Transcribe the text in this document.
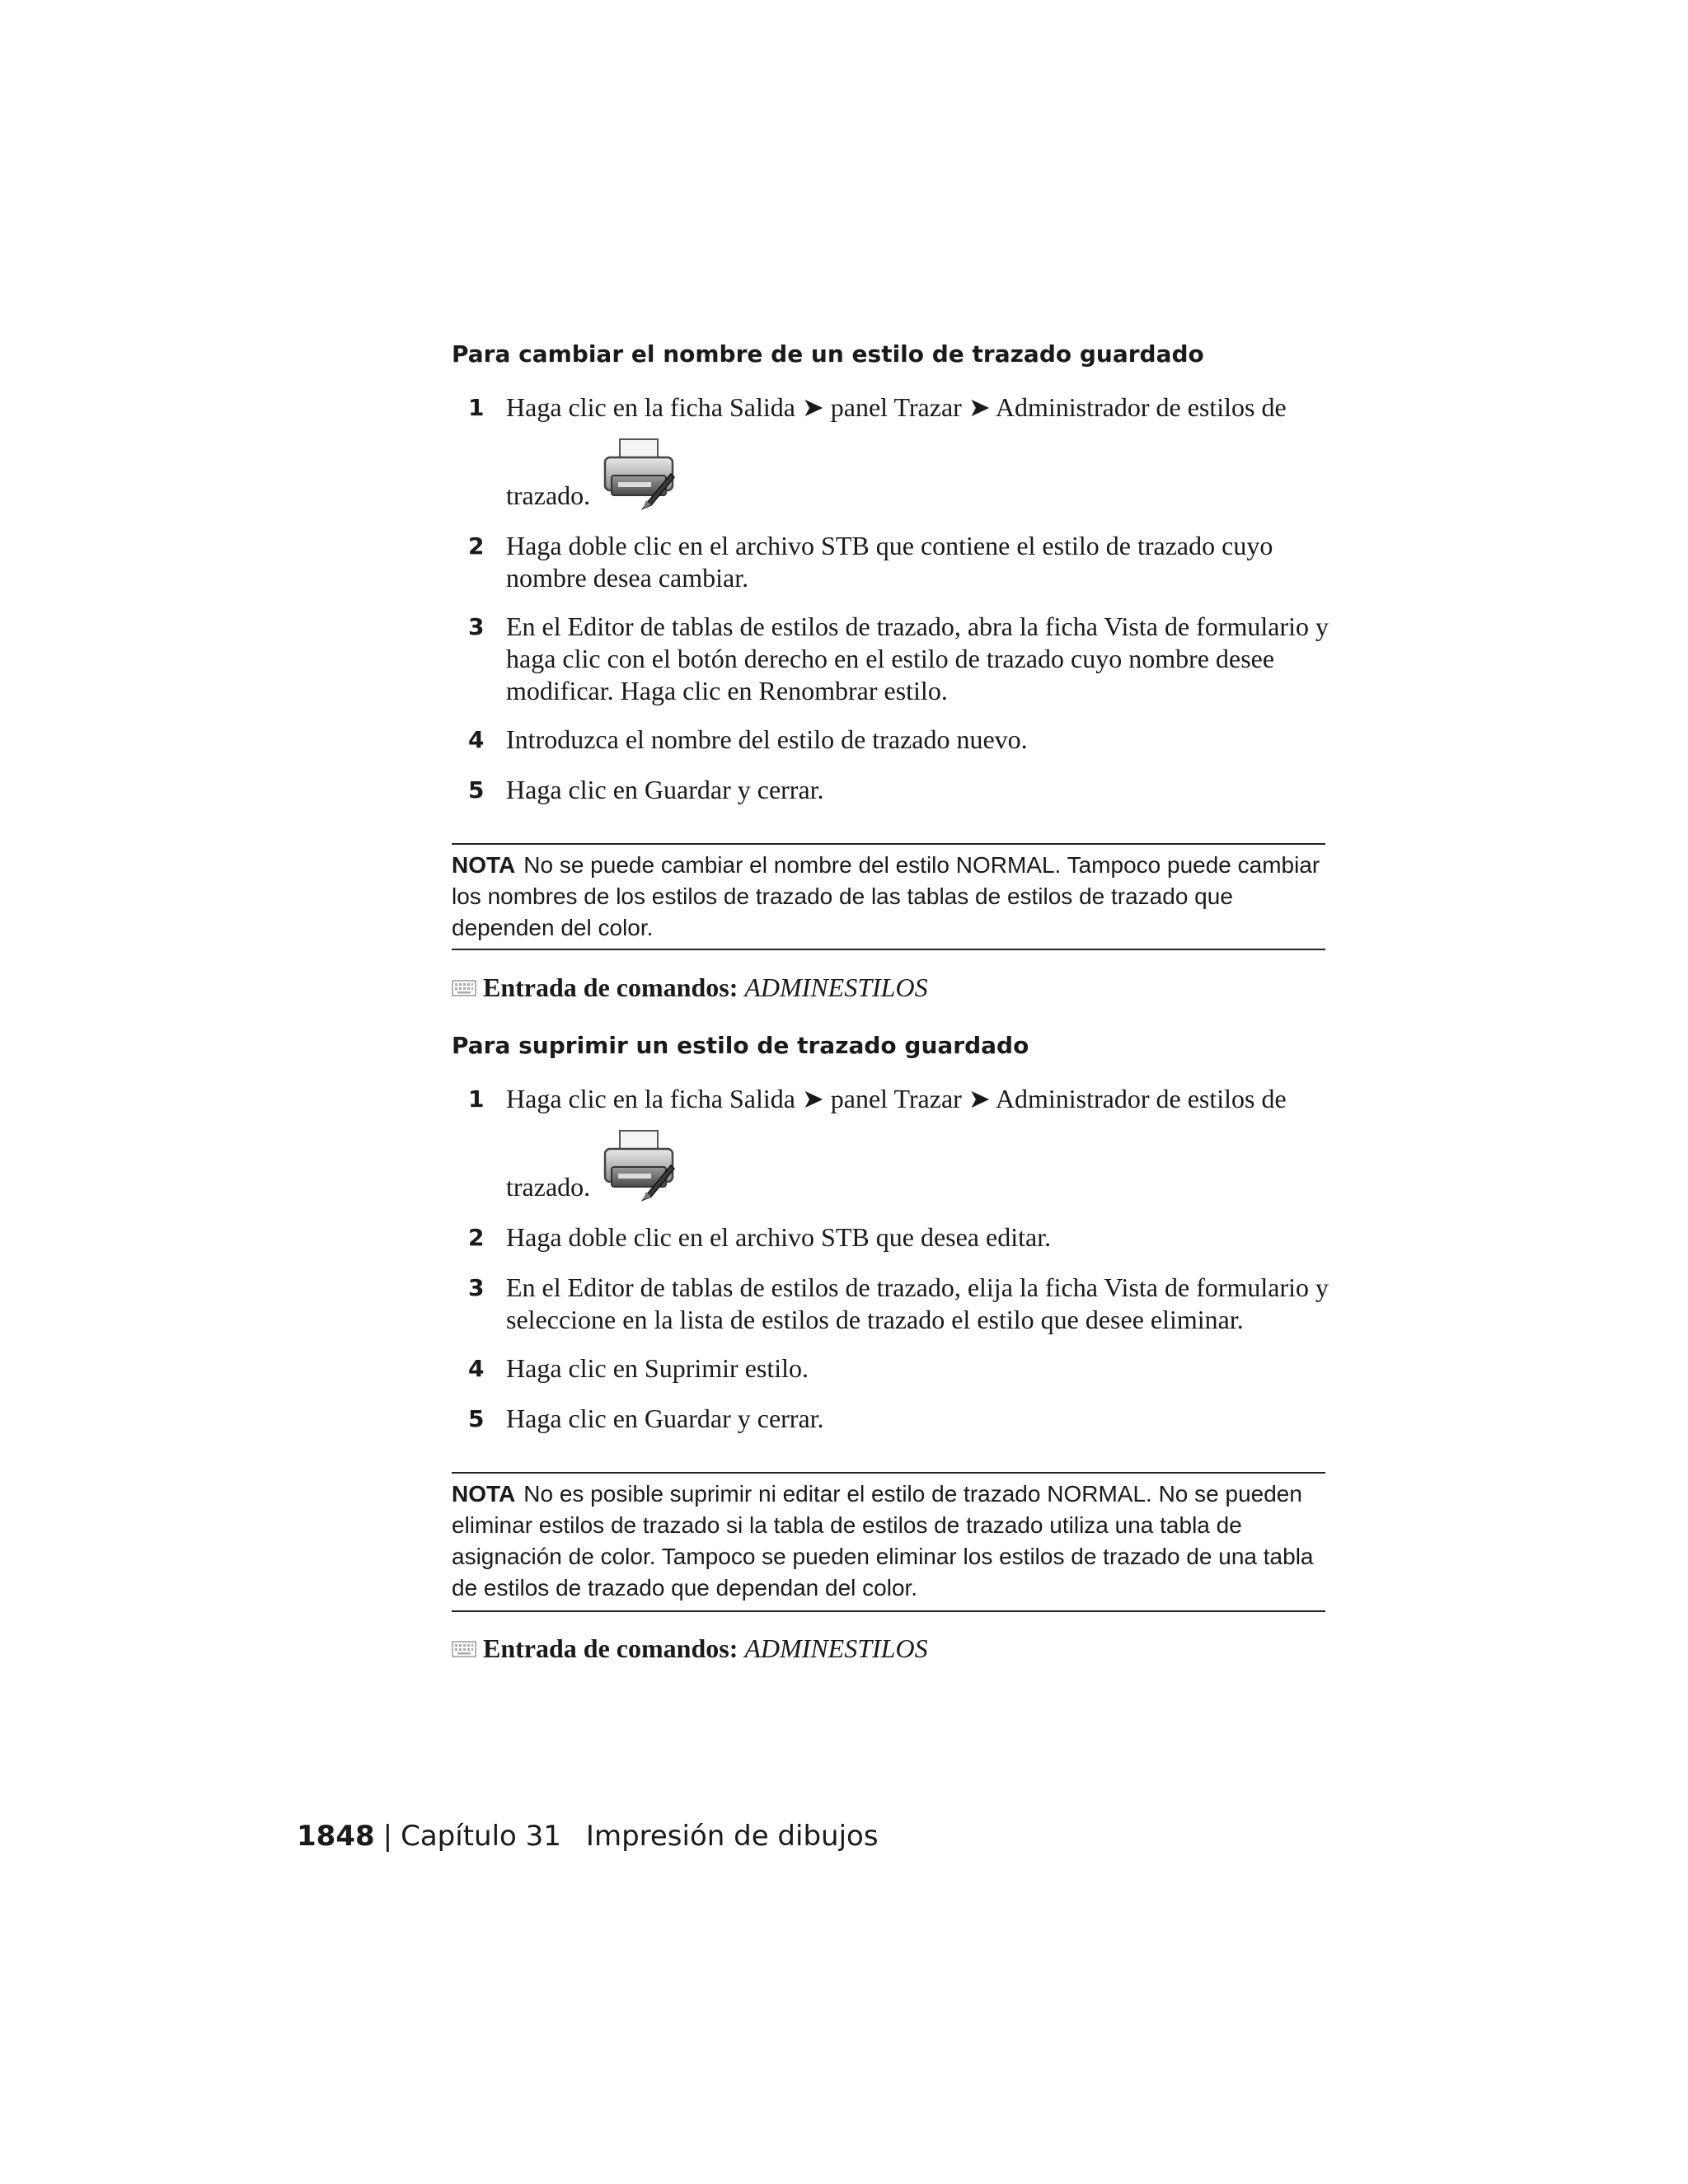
Para cambiar el nombre de un estilo de trazado guardado
1 Haga clic en la ficha Salida ➤ panel Trazar ➤ Administrador de estilos de
trazado.
2 Haga doble clic en el archivo STB que contiene el estilo de trazado cuyo nombre desea cambiar.
3 En el Editor de tablas de estilos de trazado, abra la ficha Vista de formulario y haga clic con el botón derecho en el estilo de trazado cuyo nombre desee modificar. Haga clic en Renombrar estilo.
4 Introduzca el nombre del estilo de trazado nuevo.
5 Haga clic en Guardar y cerrar.
NOTA No se puede cambiar el nombre del estilo NORMAL. Tampoco puede cambiar los nombres de los estilos de trazado de las tablas de estilos de trazado que dependen del color.
Entrada de comandos: ADMINESTILOS
Para suprimir un estilo de trazado guardado
1 Haga clic en la ficha Salida ➤ panel Trazar ➤ Administrador de estilos de
trazado.
2 Haga doble clic en el archivo STB que desea editar.
3 En el Editor de tablas de estilos de trazado, elija la ficha Vista de formulario y seleccione en la lista de estilos de trazado el estilo que desee eliminar.
4 Haga clic en Suprimir estilo.
5 Haga clic en Guardar y cerrar.
NOTA No es posible suprimir ni editar el estilo de trazado NORMAL. No se pueden eliminar estilos de trazado si la tabla de estilos de trazado utiliza una tabla de asignación de color. Tampoco se pueden eliminar los estilos de trazado de una tabla de estilos de trazado que dependan del color.
Entrada de comandos: ADMINESTILOS
1848 | Capítulo 31 Impresión de dibujos
